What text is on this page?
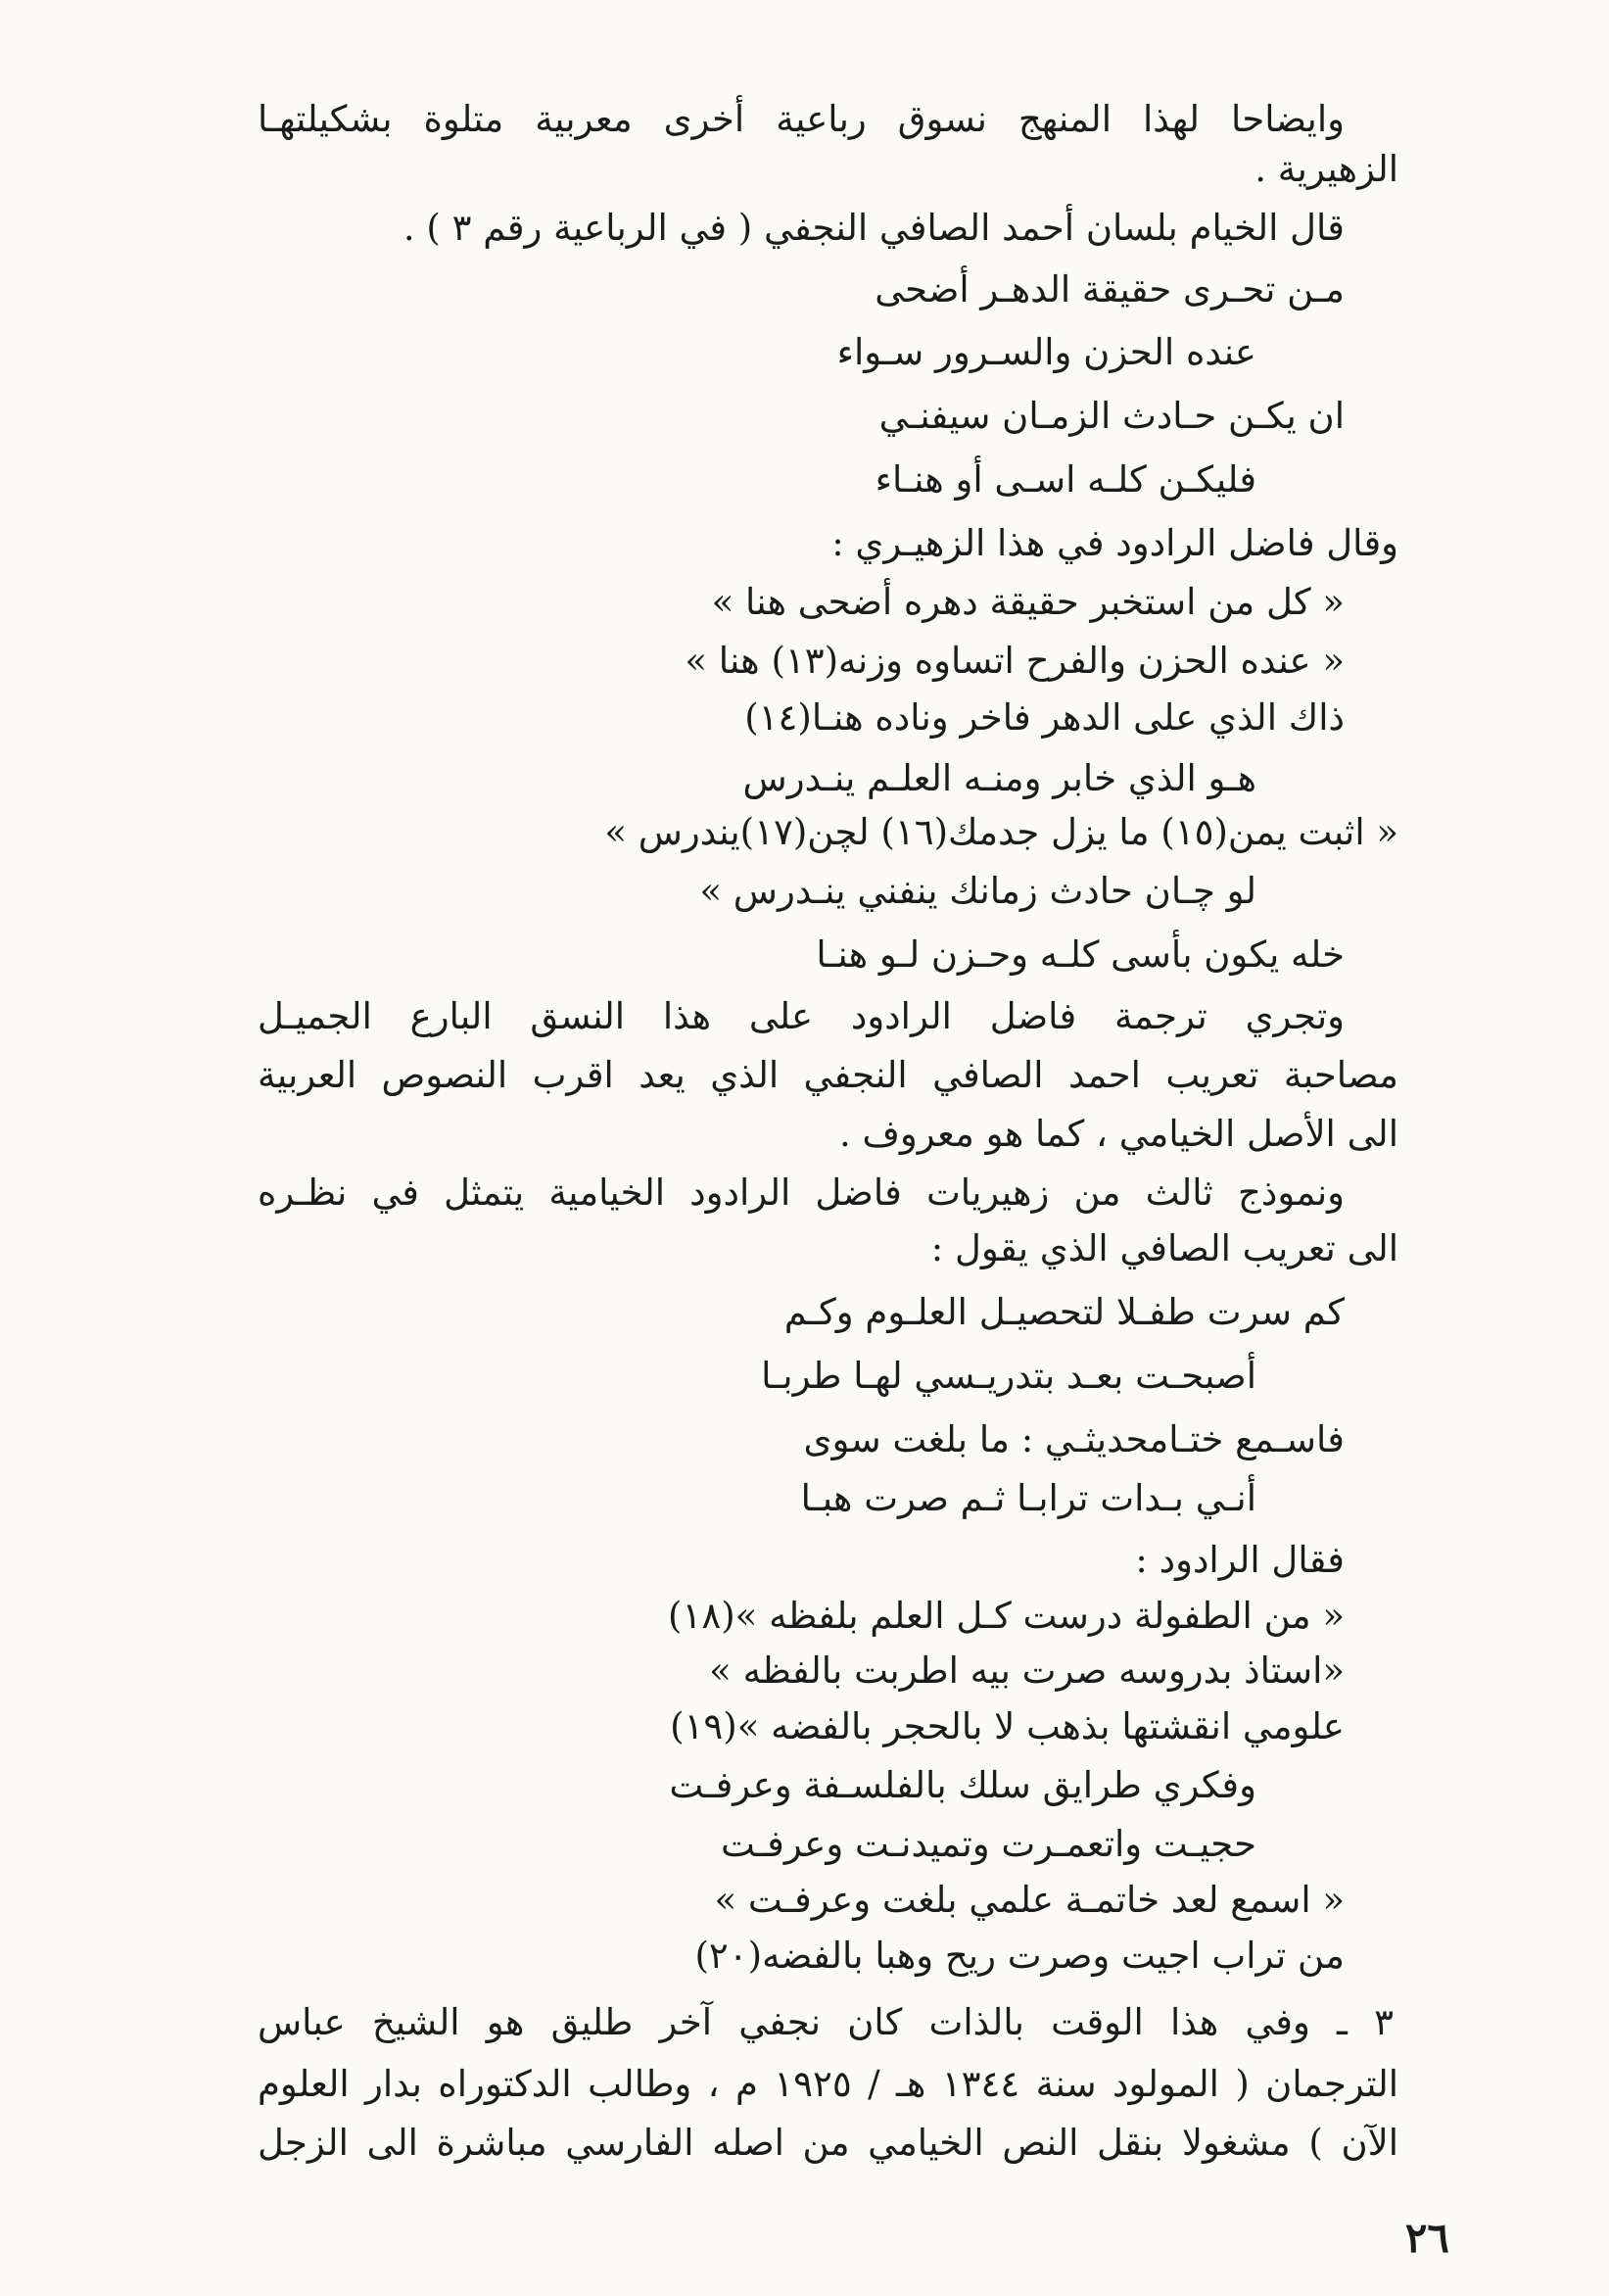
وايضاحا لهذا المنهج نسوق رباعية أخرى معربية متلوة بشكيلتهـا
الزهيرية .
قال الخيام بلسان أحمد الصافي النجفي ( في الرباعية رقم ٣ ) .
مـن تحـرى حقيقة الدهـر أضحى
عنده الحزن والسـرور سـواء
ان يكـن حـادث الزمـان سيفنـي
فليكـن كلـه اسـى أو هنـاء
وقال فاضل الرادود في هذا الزهيـري :
« كل من استخبر حقيقة دهره أضحى هنا »
« عنده الحزن والفرح اتساوه وزنه(١٣) هنا »
ذاك الذي على الدهر فاخر وناده هنـا(١٤)
هـو الذي خابر ومنـه العلـم ينـدرس
« اثبت يمن(١٥) ما يزل جدمك(١٦) لچن(١٧)يندرس »
لو چـان حادث زمانك ينفني ينـدرس »
خله يكون بأسى كلـه وحـزن لـو هنـا
وتجري ترجمة فاضل الرادود على هذا النسق البارع الجميـل
مصاحبة تعريب احمد الصافي النجفي الذي يعد اقرب النصوص العربية
الى الأصل الخيامي ، كما هو معروف .
ونموذج ثالث من زهيريات فاضل الرادود الخيامية يتمثل في نظـره
الى تعريب الصافي الذي يقول :
كم سرت طفـلا لتحصيـل العلـوم وكـم
أصبحـت بعـد بتدريـسي لهـا طربـا
فاسـمع ختـامحديثـي : ما بلغت سوى
أنـي بـدات ترابـا ثـم صرت هبـا
فقال الرادود :
« من الطفولة درست كـل العلم بلفظه »(١٨)
«استاذ بدروسه صرت بيه اطربت بالفظه »
علومي انقشتها بذهب لا بالحجر بالفضه »(١٩)
وفكري طرايق سلك بالفلسـفة وعرفـت
حجيـت واتعمـرت وتميدنـت وعرفـت
« اسمع لعد خاتمـة علمي بلغت وعرفـت »
من تراب اجيت وصرت ريح وهبا بالفضه(٢٠)
٣ ـ وفي هذا الوقت بالذات كان نجفي آخر طليق هو الشيخ عباس
الترجمان ( المولود سنة ١٣٤٤ هـ / ١٩٢٥ م ، وطالب الدكتوراه بدار العلوم
الآن ) مشغولا بنقل النص الخيامي من اصله الفارسي مباشرة الى الزجل
٢٦
